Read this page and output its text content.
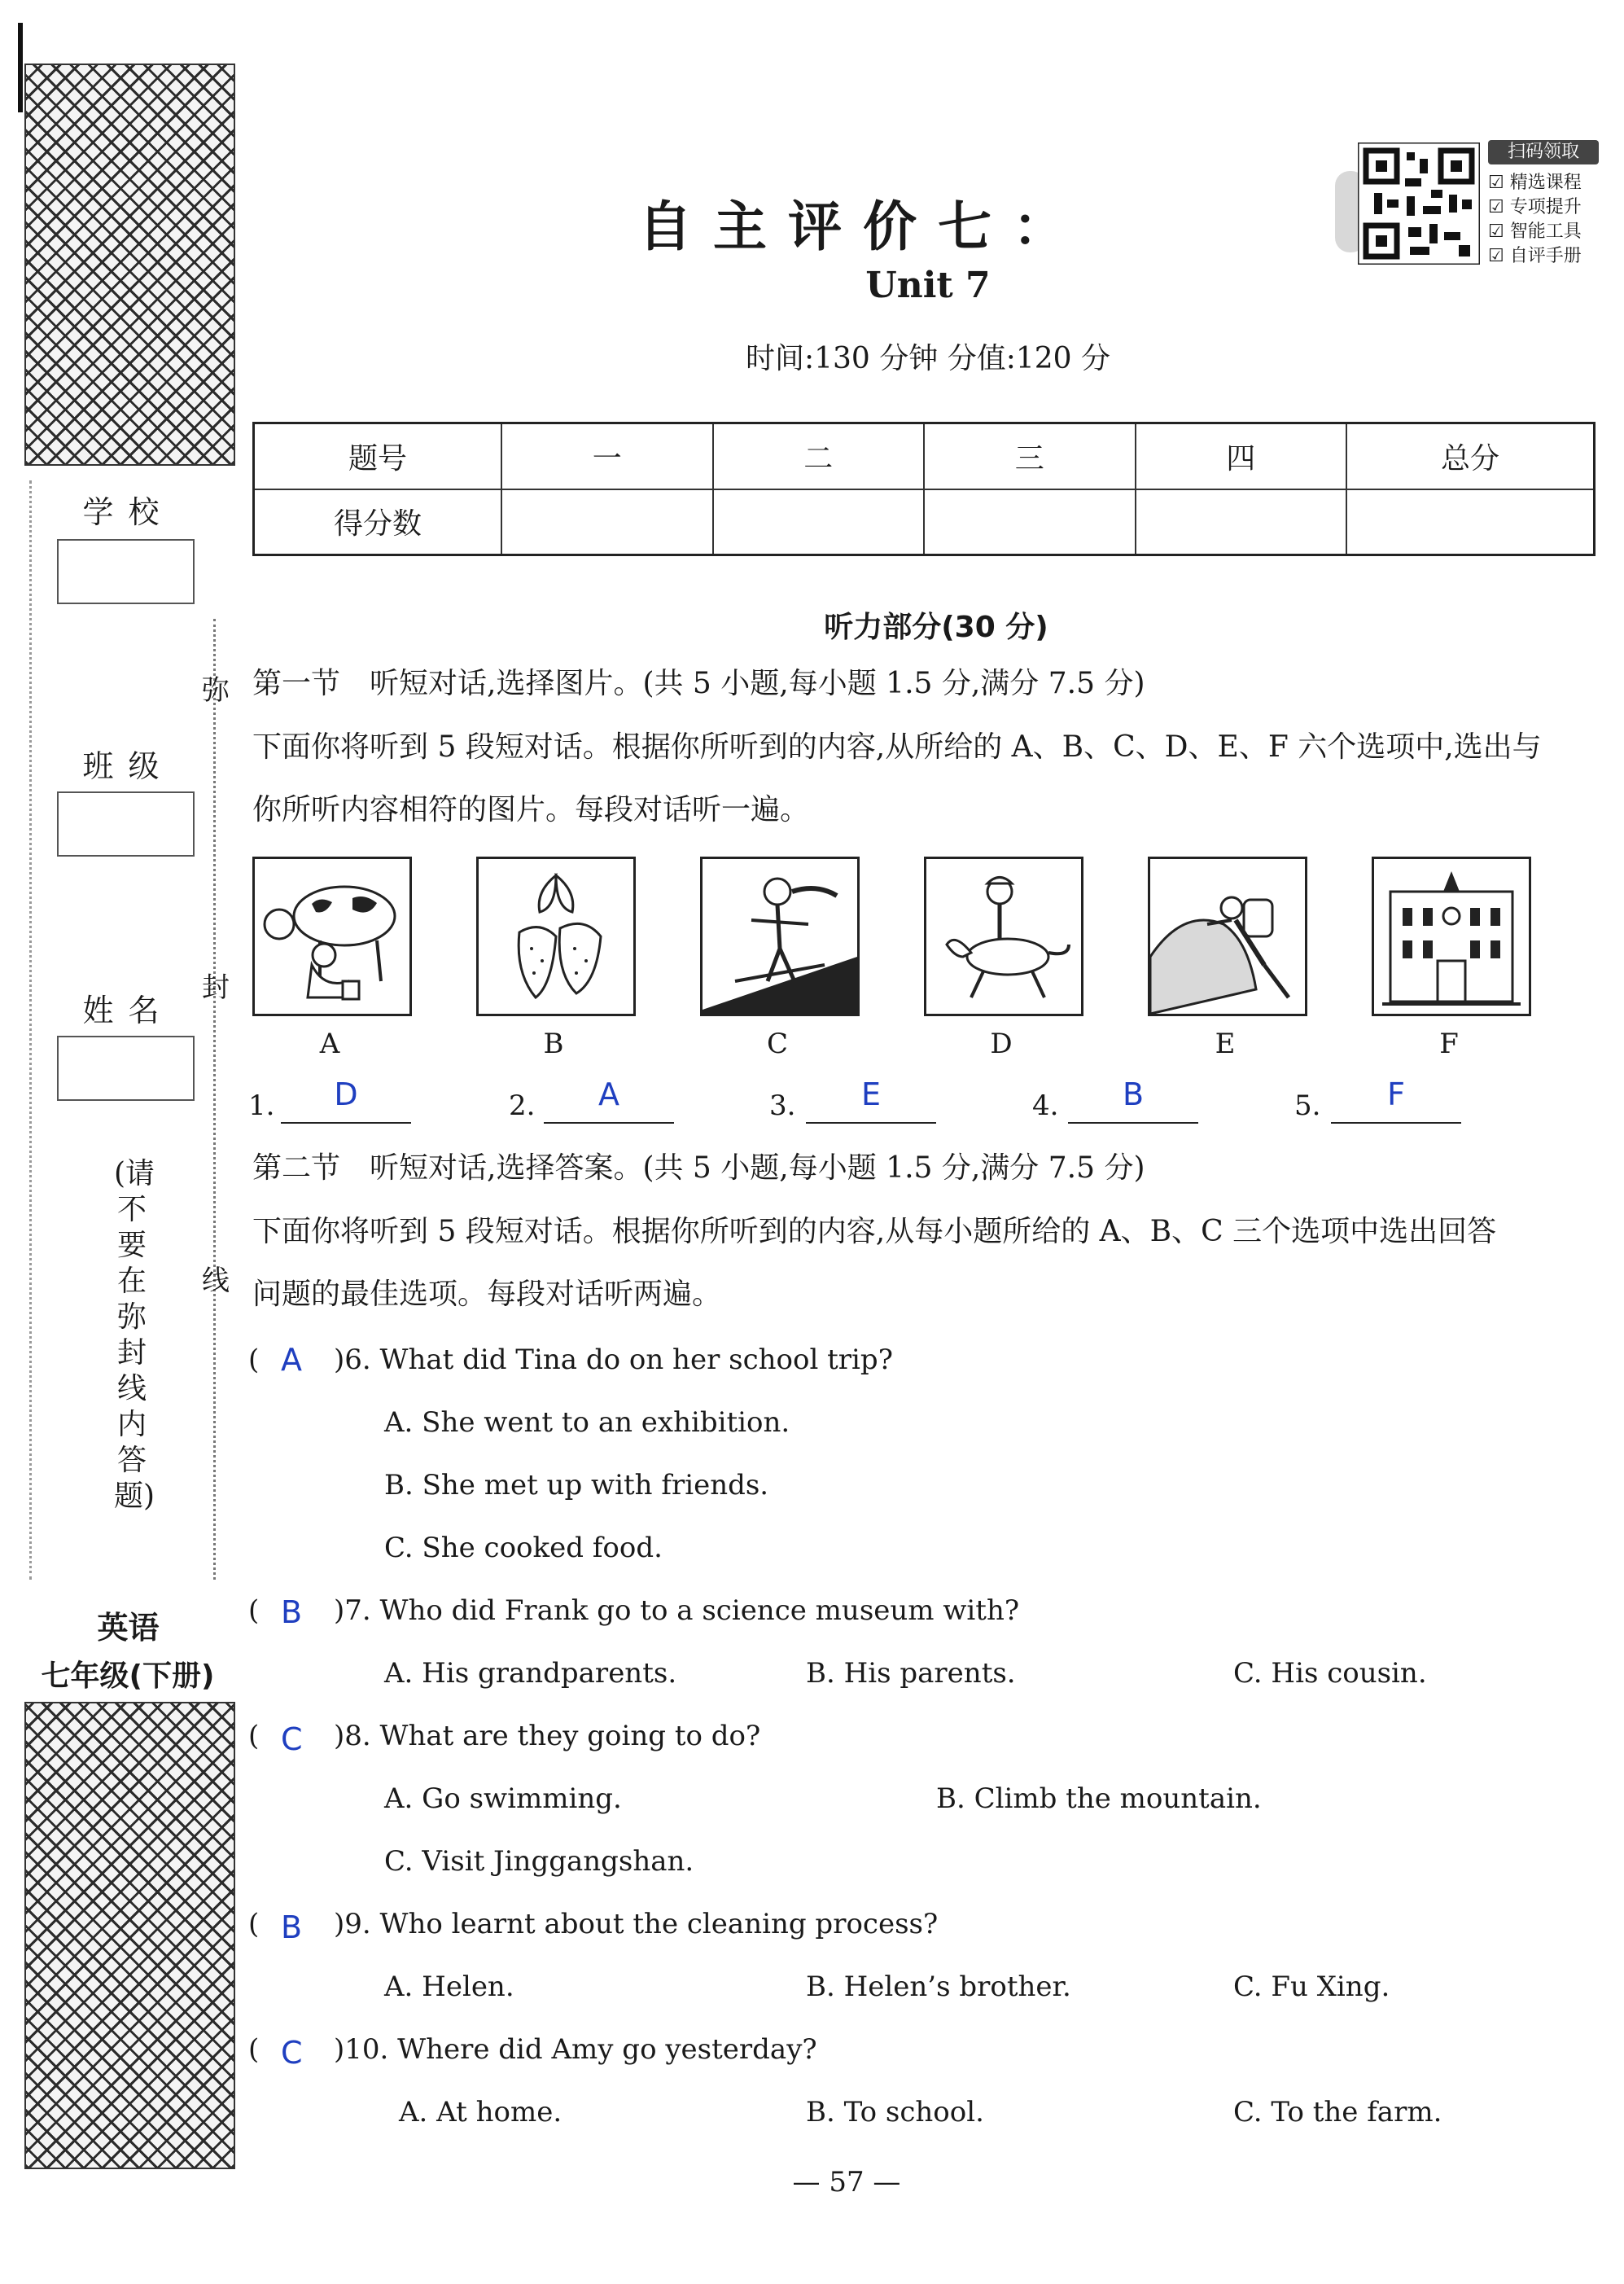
学校
班级
姓名
(请不要在弥封线内答题)
弥
封
线
英语
七年级(下册)
自主评价七：
Unit 7
时间:130 分钟 分值:120 分
扫码领取
☑ 精选课程
☑ 专项提升
☑ 智能工具
☑ 自评手册
题号	一	二	三	四	总分
得分数					
听力部分(30 分)
第一节　听短对话,选择图片。(共 5 小题,每小题 1.5 分,满分 7.5 分)
下面你将听到 5 段短对话。根据你所听到的内容,从所给的 A、B、C、D、E、F 六个选项中,选出与
你所听内容相符的图片。每段对话听一遍。
A	B	C	D	E	F
1.	D	2.	A	3.	E	4.	B	5.	F
第二节　听短对话,选择答案。(共 5 小题,每小题 1.5 分,满分 7.5 分)
下面你将听到 5 段短对话。根据你所听到的内容,从每小题所给的 A、B、C 三个选项中选出回答
问题的最佳选项。每段对话听两遍。
( A )6. What did Tina do on her school trip?
A. She went to an exhibition.
B. She met up with friends.
C. She cooked food.
( B )7. Who did Frank go to a science museum with?
A. His grandparents.	B. His parents.	C. His cousin.
( C )8. What are they going to do?
A. Go swimming.	B. Climb the mountain.
C. Visit Jinggangshan.
( B )9. Who learnt about the cleaning process?
A. Helen.	B. Helen’s brother.	C. Fu Xing.
( C )10. Where did Amy go yesterday?
A. At home.	B. To school.	C. To the farm.
— 57 —
